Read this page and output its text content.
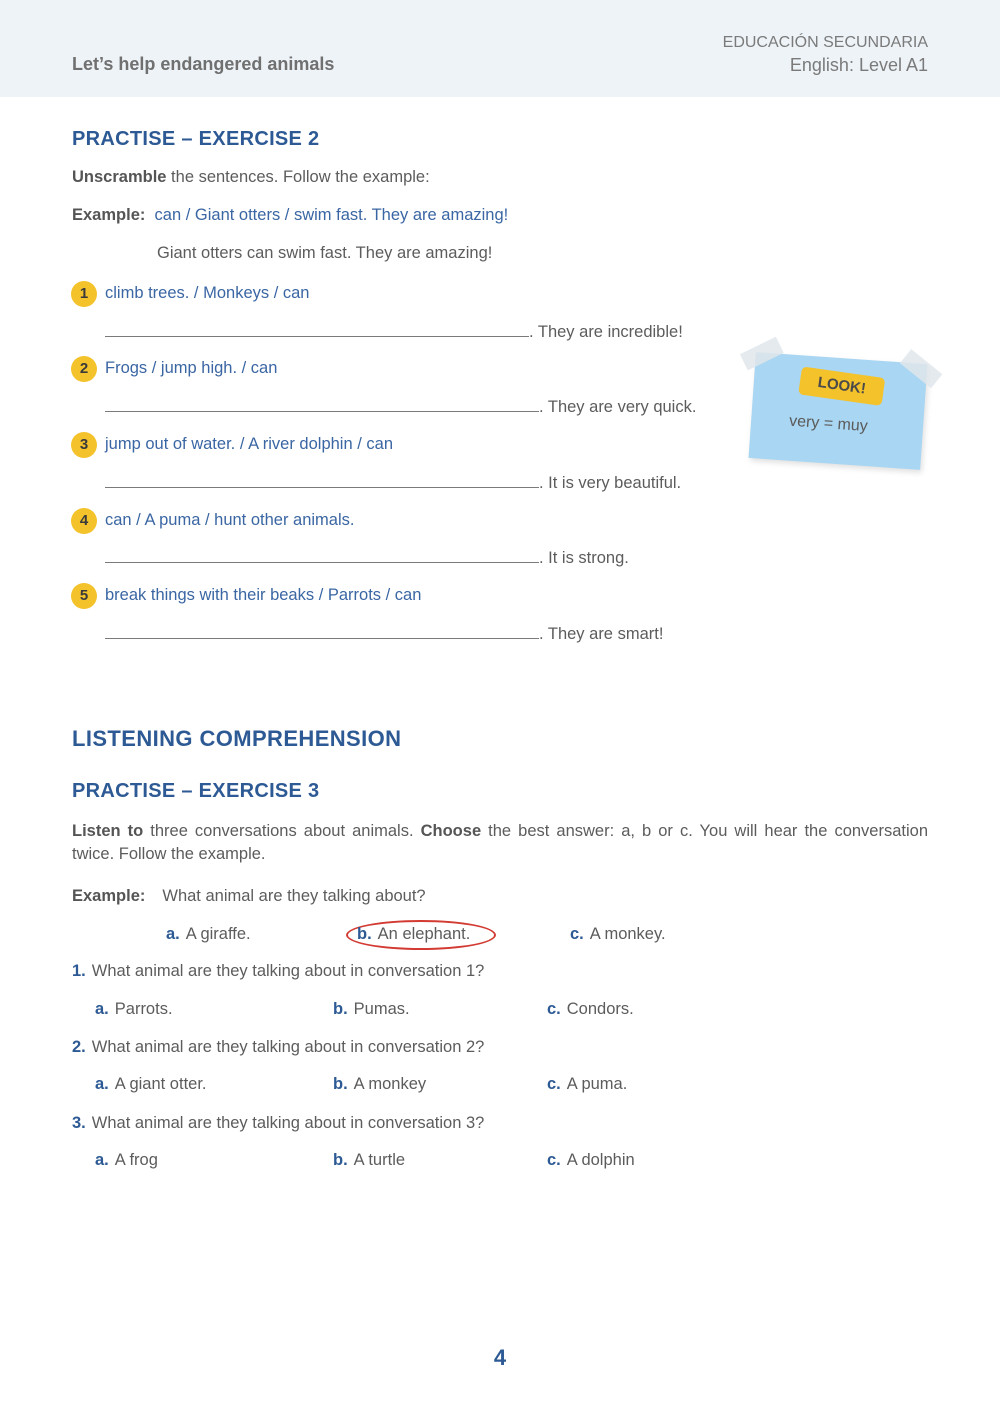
Let’s help endangered animals
EDUCACIÓN SECUNDARIA
English: Level A1
PRACTISE – EXERCISE 2
Unscramble the sentences. Follow the example:
Example: can / Giant otters / swim fast. They are amazing!
Giant otters can swim fast. They are amazing!
1	climb trees. / Monkeys / can
. They are incredible!
2	Frogs / jump high. / can
. They are very quick.
3	jump out of water. / A river dolphin / can
. It is very beautiful.
4	can / A puma / hunt other animals.
. It is strong.
5	break things with their beaks / Parrots / can
. They are smart!
LOOK!
very = muy
LISTENING COMPREHENSION
PRACTISE – EXERCISE 3
Listen to three conversations about animals. Choose the best answer: a, b or c. You will hear the conversation twice. Follow the example.
Example: What animal are they talking about?
a. A giraffe.	b. An elephant.	c. A monkey.
1. What animal are they talking about in conversation 1?
a. Parrots.	b. Pumas.	c. Condors.
2. What animal are they talking about in conversation 2?
a. A giant otter.	b. A monkey	c. A puma.
3. What animal are they talking about in conversation 3?
a. A frog	b. A turtle	c. A dolphin
4
